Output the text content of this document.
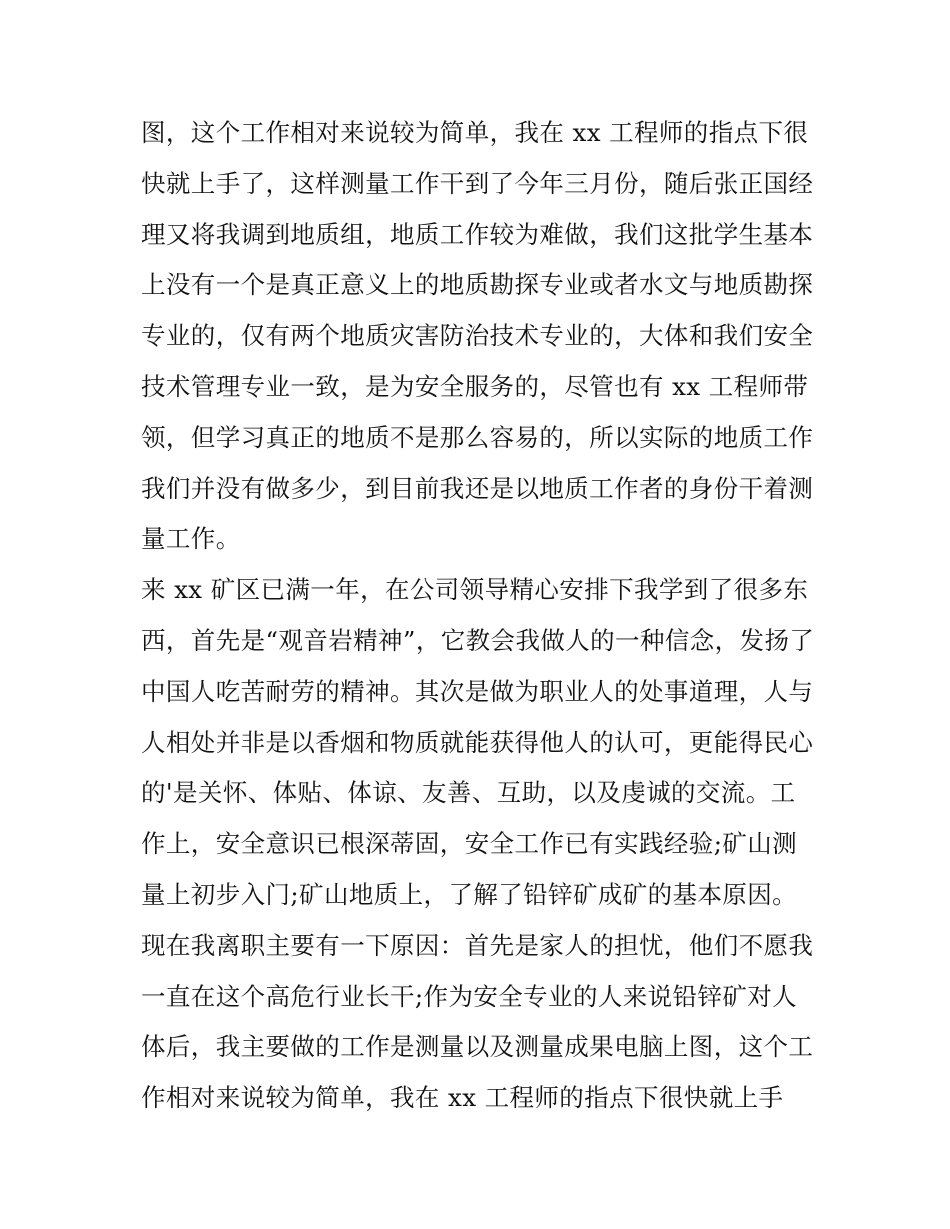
图，这个工作相对来说较为简单，我在 xx 工程师的指点下很
快就上手了，这样测量工作干到了今年三月份，随后张正国经
理又将我调到地质组，地质工作较为难做，我们这批学生基本
上没有一个是真正意义上的地质勘探专业或者水文与地质勘探
专业的，仅有两个地质灾害防治技术专业的，大体和我们安全
技术管理专业一致，是为安全服务的，尽管也有 xx 工程师带
领，但学习真正的地质不是那么容易的，所以实际的地质工作
我们并没有做多少，到目前我还是以地质工作者的身份干着测
量工作。
来 xx 矿区已满一年，在公司领导精心安排下我学到了很多东
西，首先是“观音岩精神”，它教会我做人的一种信念，发扬了
中国人吃苦耐劳的精神。其次是做为职业人的处事道理，人与
人相处并非是以香烟和物质就能获得他人的认可，更能得民心
的'是关怀、体贴、体谅、友善、互助，以及虔诚的交流。工
作上，安全意识已根深蒂固，安全工作已有实践经验;矿山测
量上初步入门;矿山地质上，了解了铅锌矿成矿的基本原因。
现在我离职主要有一下原因：首先是家人的担忧，他们不愿我
一直在这个高危行业长干;作为安全专业的人来说铅锌矿对人
体后，我主要做的工作是测量以及测量成果电脑上图，这个工
作相对来说较为简单，我在 xx 工程师的指点下很快就上手
